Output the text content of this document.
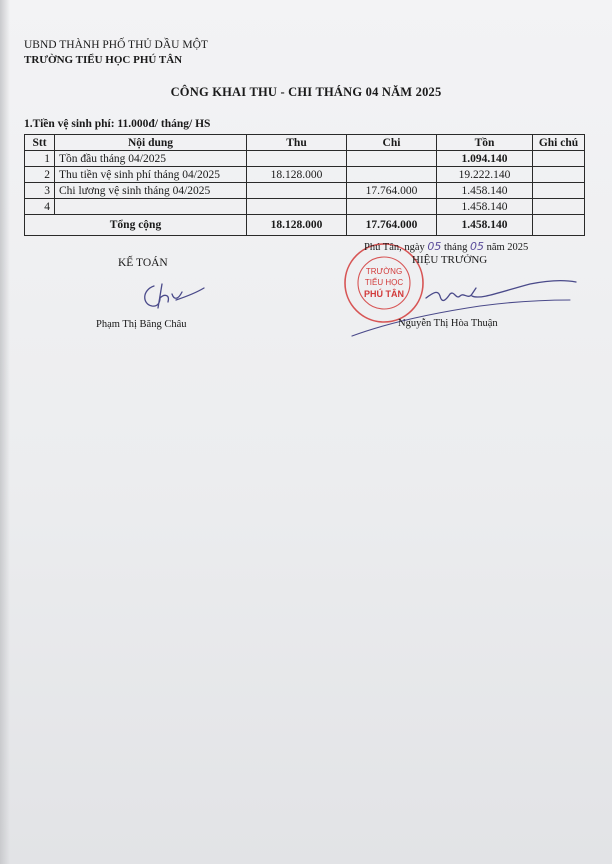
UBND THÀNH PHỐ THỦ DẦU MỘT
TRƯỜNG TIỂU HỌC PHÚ TÂN
CÔNG KHAI THU - CHI THÁNG 04 NĂM 2025
1.Tiền vệ sinh phí: 11.000đ/ tháng/ HS
Stt	Nội dung	Thu	Chi	Tồn	Ghi chú
1	Tồn đầu tháng 04/2025			1.094.140	
2	Thu tiền vệ sinh phí tháng 04/2025	18.128.000		19.222.140	
3	Chi lương vệ sinh tháng 04/2025		17.764.000	1.458.140	
4				1.458.140	
Tổng cộng		18.128.000	17.764.000	1.458.140	
TRƯỜNG
TIỂU HỌC
PHÚ TÂN
Phú Tân, ngày 05 tháng 05 năm 2025
KẾ TOÁN
Phạm Thị Băng Châu
HIỆU TRƯỞNG
Nguyễn Thị Hòa Thuận
